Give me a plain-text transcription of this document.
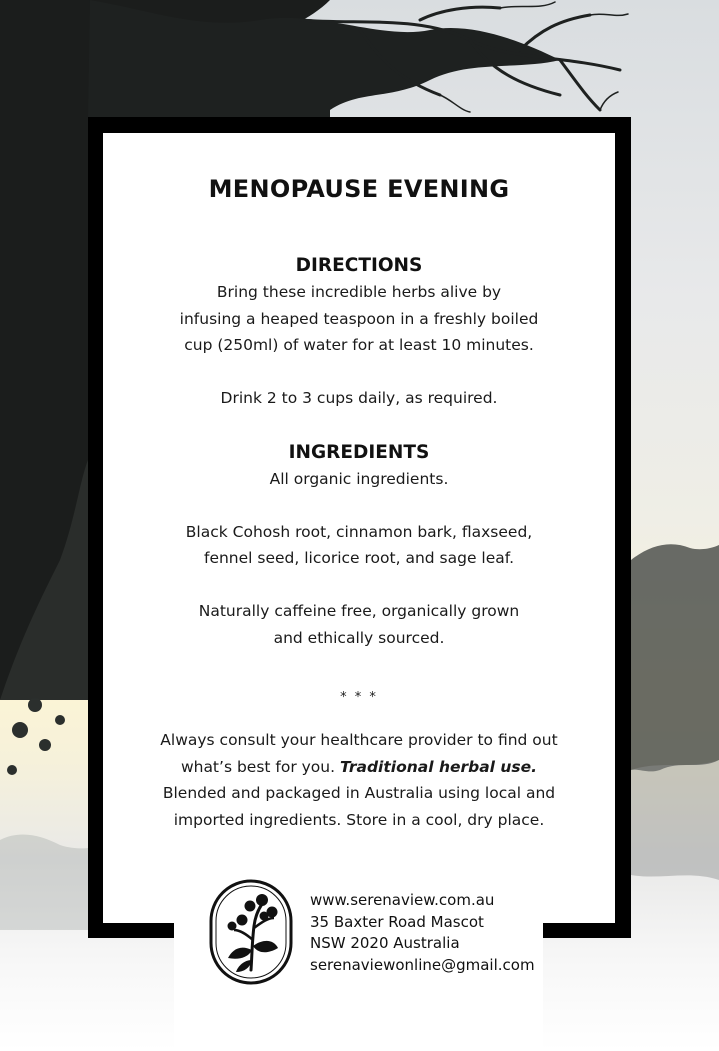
MENOPAUSE EVENING
DIRECTIONS

Bring these incredible herbs alive by

infusing a heaped teaspoon in a freshly boiled

cup (250ml) of water for at least 10 minutes.

Drink 2 to 3 cups daily, as required.

INGREDIENTS

All organic ingredients.

Black Cohosh root, cinnamon bark, flaxseed,

fennel seed, licorice root, and sage leaf.

Naturally caffeine free, organically grown

and ethically sourced.

* * *

Always consult your healthcare provider to find out

what’s best for you. Traditional herbal use.

Blended and packaged in Australia using local and

imported ingredients. Store in a cool, dry place.

www.serenaview.com.au
35 Baxter Road Mascot
NSW 2020 Australia
serenaviewonline@gmail.com
